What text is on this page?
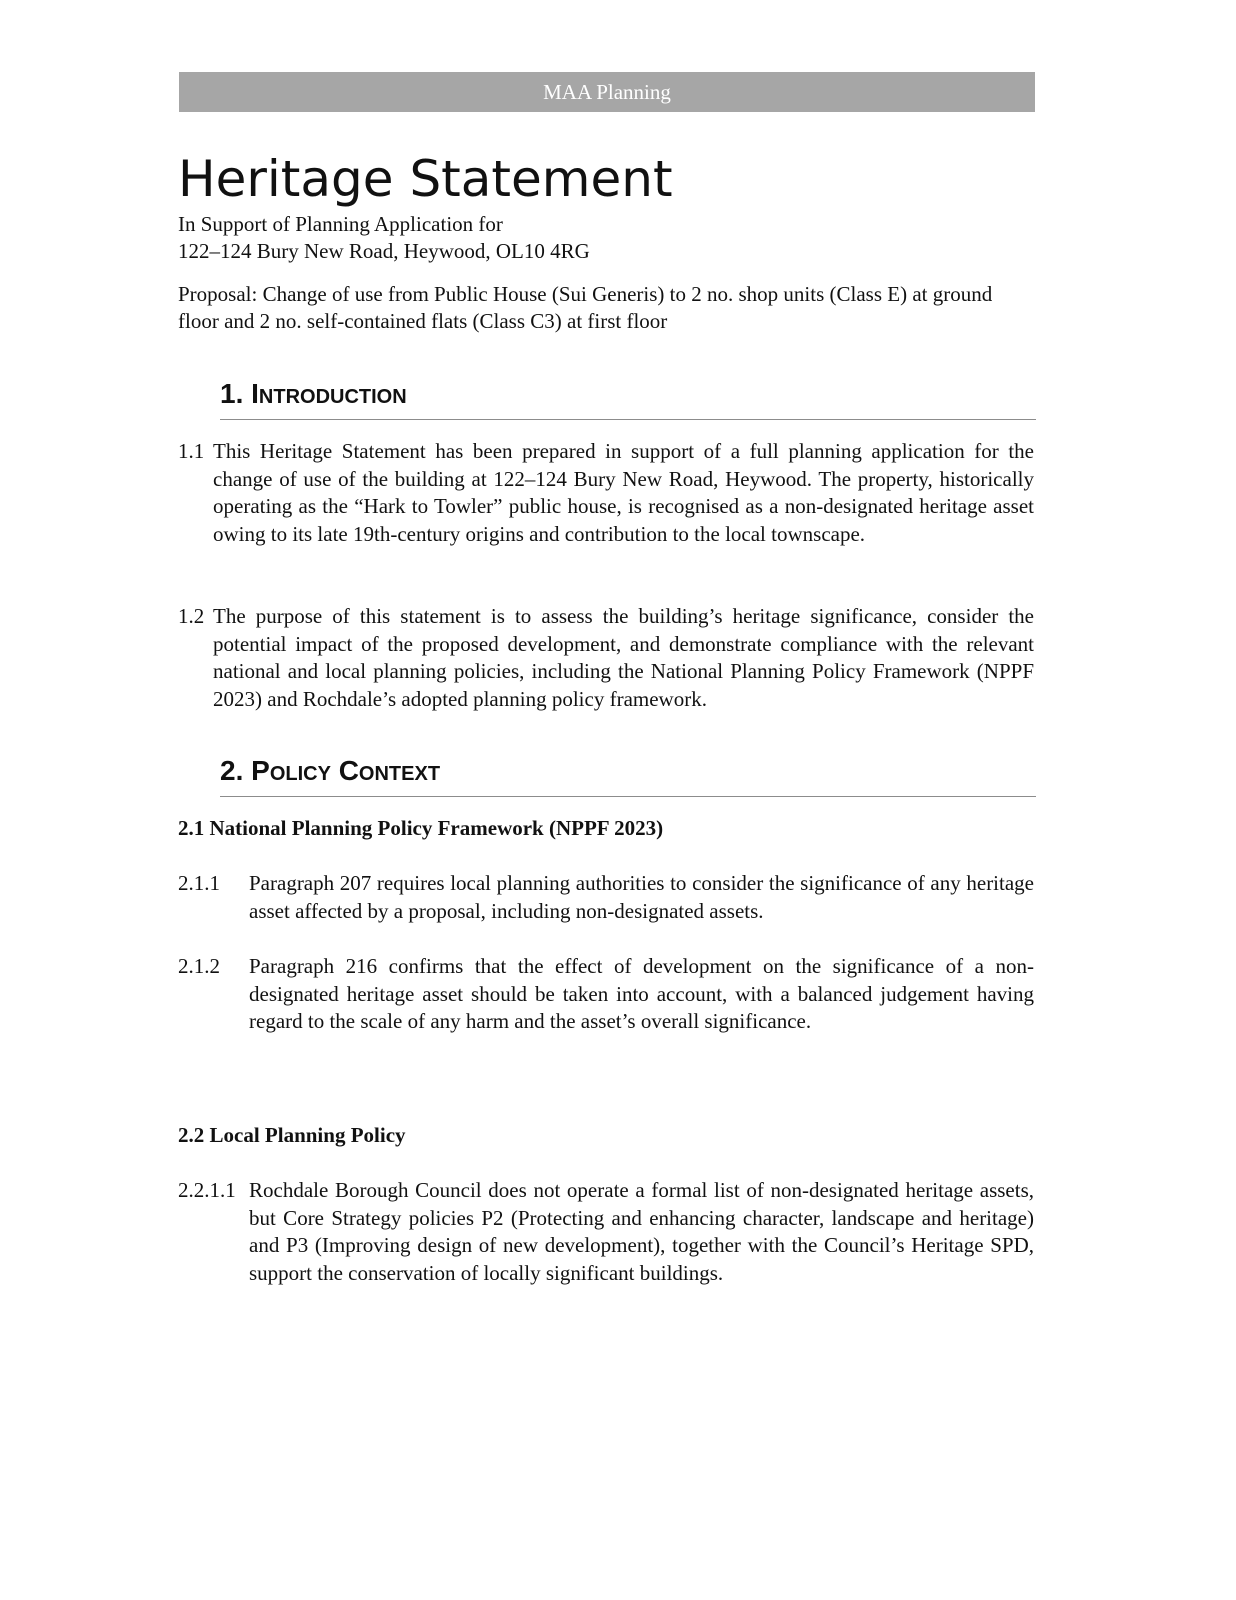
MAA Planning
Heritage Statement
In Support of Planning Application for
122–124 Bury New Road, Heywood, OL10 4RG
Proposal: Change of use from Public House (Sui Generis) to 2 no. shop units (Class E) at ground floor and 2 no. self-contained flats (Class C3) at first floor
1. Introduction
1.1 This Heritage Statement has been prepared in support of a full planning application for the change of use of the building at 122–124 Bury New Road, Heywood. The property, historically operating as the “Hark to Towler” public house, is recognised as a non-designated heritage asset owing to its late 19th-century origins and contribution to the local townscape.
1.2 The purpose of this statement is to assess the building’s heritage significance, consider the potential impact of the proposed development, and demonstrate compliance with the relevant national and local planning policies, including the National Planning Policy Framework (NPPF 2023) and Rochdale’s adopted planning policy framework.
2. Policy Context
2.1 National Planning Policy Framework (NPPF 2023)
2.1.1 Paragraph 207 requires local planning authorities to consider the significance of any heritage asset affected by a proposal, including non-designated assets.
2.1.2 Paragraph 216 confirms that the effect of development on the significance of a non-designated heritage asset should be taken into account, with a balanced judgement having regard to the scale of any harm and the asset’s overall significance.
2.2 Local Planning Policy
2.2.1.1 Rochdale Borough Council does not operate a formal list of non-designated heritage assets, but Core Strategy policies P2 (Protecting and enhancing character, landscape and heritage) and P3 (Improving design of new development), together with the Council’s Heritage SPD, support the conservation of locally significant buildings.
